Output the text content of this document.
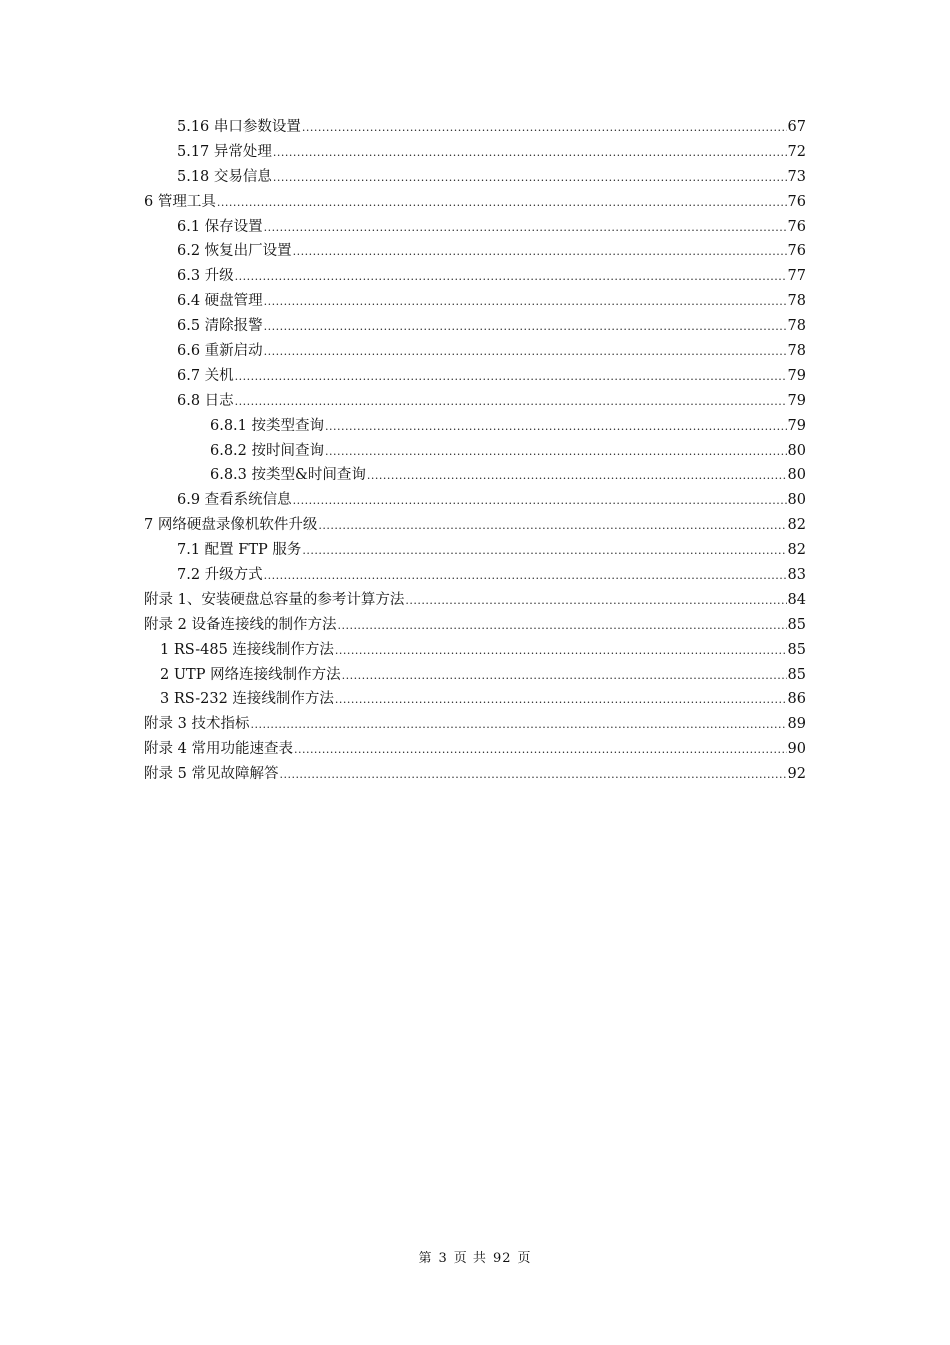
5.16 串口参数设置 .....	67
5.17 异常处理 .....	72
5.18 交易信息 .....	73
6 管理工具 .....	76
6.1 保存设置 .....	76
6.2 恢复出厂设置 .....	76
6.3 升级 .....	77
6.4 硬盘管理 .....	78
6.5 清除报警 .....	78
6.6 重新启动 .....	78
6.7 关机 .....	79
6.8 日志 .....	79
6.8.1 按类型查询 .....	79
6.8.2 按时间查询 .....	80
6.8.3 按类型&时间查询 .....	80
6.9 查看系统信息 .....	80
7 网络硬盘录像机软件升级 .....	82
7.1 配置 FTP 服务 .....	82
7.2 升级方式 .....	83
附录 1、安装硬盘总容量的参考计算方法 .....	84
附录 2 设备连接线的制作方法 .....	85
1 RS-485 连接线制作方法 .....	85
2 UTP 网络连接线制作方法 .....	85
3 RS-232 连接线制作方法 .....	86
附录 3 技术指标 .....	89
附录 4 常用功能速查表 .....	90
附录 5 常见故障解答 .....	92
第 3 页 共 92 页
